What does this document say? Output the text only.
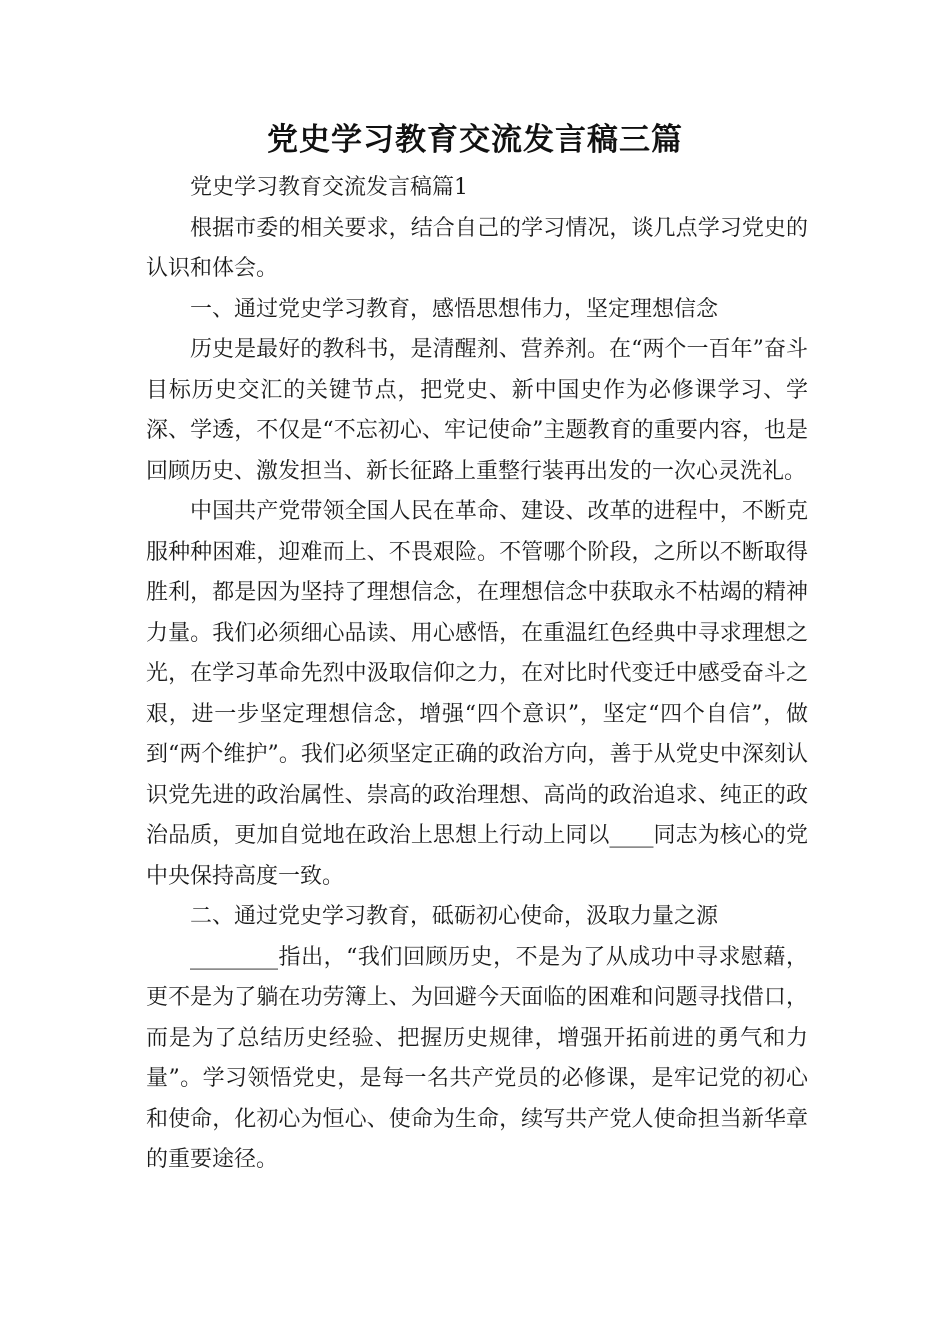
党史学习教育交流发言稿三篇

党史学习教育交流发言稿篇1

根据市委的相关要求，结合自己的学习情况，谈几点学习党史的认识和体会。

一、通过党史学习教育，感悟思想伟力，坚定理想信念

历史是最好的教科书，是清醒剂、营养剂。在“两个一百年”奋斗目标历史交汇的关键节点，把党史、新中国史作为必修课学习、学深、学透，不仅是“不忘初心、牢记使命”主题教育的重要内容，也是回顾历史、激发担当、新长征路上重整行装再出发的一次心灵洗礼。

中国共产党带领全国人民在革命、建设、改革的进程中，不断克服种种困难，迎难而上、不畏艰险。不管哪个阶段，之所以不断取得胜利，都是因为坚持了理想信念，在理想信念中获取永不枯竭的精神力量。我们必须细心品读、用心感悟，在重温红色经典中寻求理想之光，在学习革命先烈中汲取信仰之力，在对比时代变迁中感受奋斗之艰，进一步坚定理想信念，增强“四个意识”，坚定“四个自信”，做到“两个维护”。我们必须坚定正确的政治方向，善于从党史中深刻认识党先进的政治属性、崇高的政治理想、高尚的政治追求、纯正的政治品质，更加自觉地在政治上思想上行动上同以____同志为核心的党中央保持高度一致。

二、通过党史学习教育，砥砺初心使命，汲取力量之源

________指出，“我们回顾历史，不是为了从成功中寻求慰藉，更不是为了躺在功劳簿上、为回避今天面临的困难和问题寻找借口，而是为了总结历史经验、把握历史规律，增强开拓前进的勇气和力量”。学习领悟党史，是每一名共产党员的必修课，是牢记党的初心和使命，化初心为恒心、使命为生命，续写共产党人使命担当新华章的重要途径。
